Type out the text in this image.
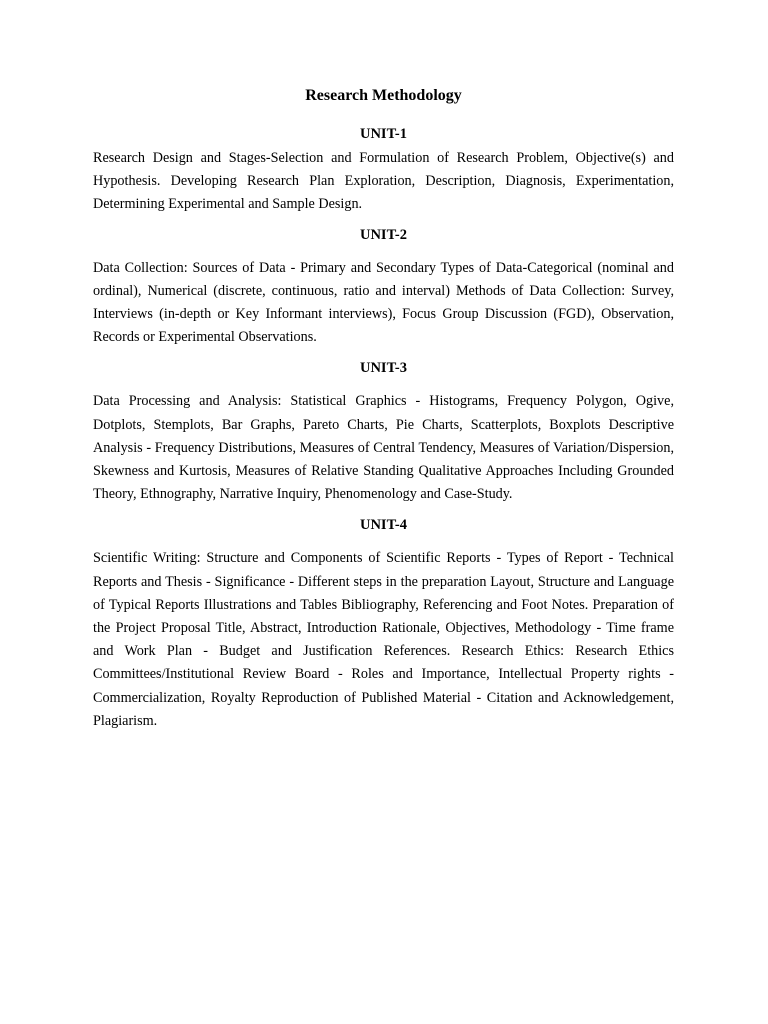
Research Methodology
UNIT-1

Research Design and Stages-Selection and Formulation of Research Problem, Objective(s) and Hypothesis. Developing Research Plan Exploration, Description, Diagnosis, Experimentation, Determining Experimental and Sample Design.

UNIT-2

Data Collection: Sources of Data - Primary and Secondary Types of Data-Categorical (nominal and ordinal), Numerical (discrete, continuous, ratio and interval) Methods of Data Collection: Survey, Interviews (in-depth or Key Informant interviews), Focus Group Discussion (FGD), Observation, Records or Experimental Observations.

UNIT-3

Data Processing and Analysis: Statistical Graphics - Histograms, Frequency Polygon, Ogive, Dotplots, Stemplots, Bar Graphs, Pareto Charts, Pie Charts, Scatterplots, Boxplots Descriptive Analysis - Frequency Distributions, Measures of Central Tendency, Measures of Variation/Dispersion, Skewness and Kurtosis, Measures of Relative Standing Qualitative Approaches Including Grounded Theory, Ethnography, Narrative Inquiry, Phenomenology and Case-Study.

UNIT-4

Scientific Writing: Structure and Components of Scientific Reports - Types of Report - Technical Reports and Thesis - Significance - Different steps in the preparation Layout, Structure and Language of Typical Reports Illustrations and Tables Bibliography, Referencing and Foot Notes. Preparation of the Project Proposal Title, Abstract, Introduction Rationale, Objectives, Methodology - Time frame and Work Plan - Budget and Justification References. Research Ethics: Research Ethics Committees/Institutional Review Board - Roles and Importance, Intellectual Property rights - Commercialization, Royalty Reproduction of Published Material - Citation and Acknowledgement, Plagiarism.
